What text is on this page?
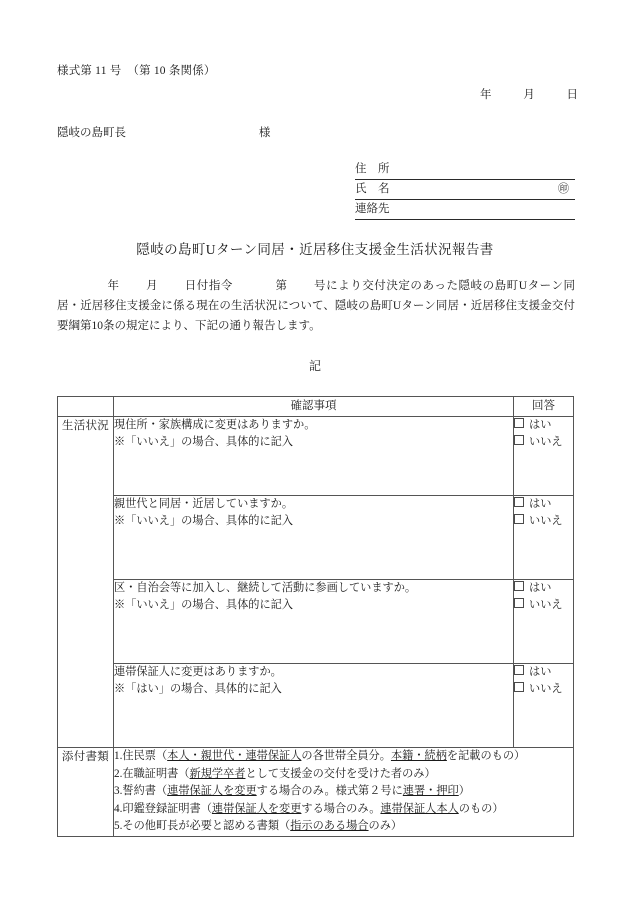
様式第 11 号　（第 10 条関係）
年	月	日
隠岐の島町長	様
住　所
氏　名	㊞
連絡先
隠岐の島町Uターン同居・近居移住支援金生活状況報告書
年 月 日付指令	第 号により交付決定のあった隠岐の島町Uターン同居・近居移住支援金に係る現在の生活状況について、隠岐の島町Uターン同居・近居移住支援金交付要綱第10条の規定により、下記の通り報告します。
記
	確認事項	回答
生活状況	現住所・家族構成に変更はありますか。
※「いいえ」の場合、具体的に記入	はい
いいえ

	親世代と同居・近居していますか。
※「いいえ」の場合、具体的に記入	はい
いいえ

	区・自治会等に加入し、継続して活動に参画していますか。
※「いいえ」の場合、具体的に記入	はい
いいえ

	連帯保証人に変更はありますか。
※「はい」の場合、具体的に記入	はい
いいえ

添付書類	1.住民票（本人・親世代・連帯保証人の各世帯全員分。本籍・続柄を記載のもの）
2.在職証明書（新規学卒者として支援金の交付を受けた者のみ）
3.誓約書（連帯保証人を変更する場合のみ。様式第２号に連署・押印）
4.印鑑登録証明書（連帯保証人を変更する場合のみ。連帯保証人本人のもの）
5.その他町長が必要と認める書類（指示のある場合のみ）	
